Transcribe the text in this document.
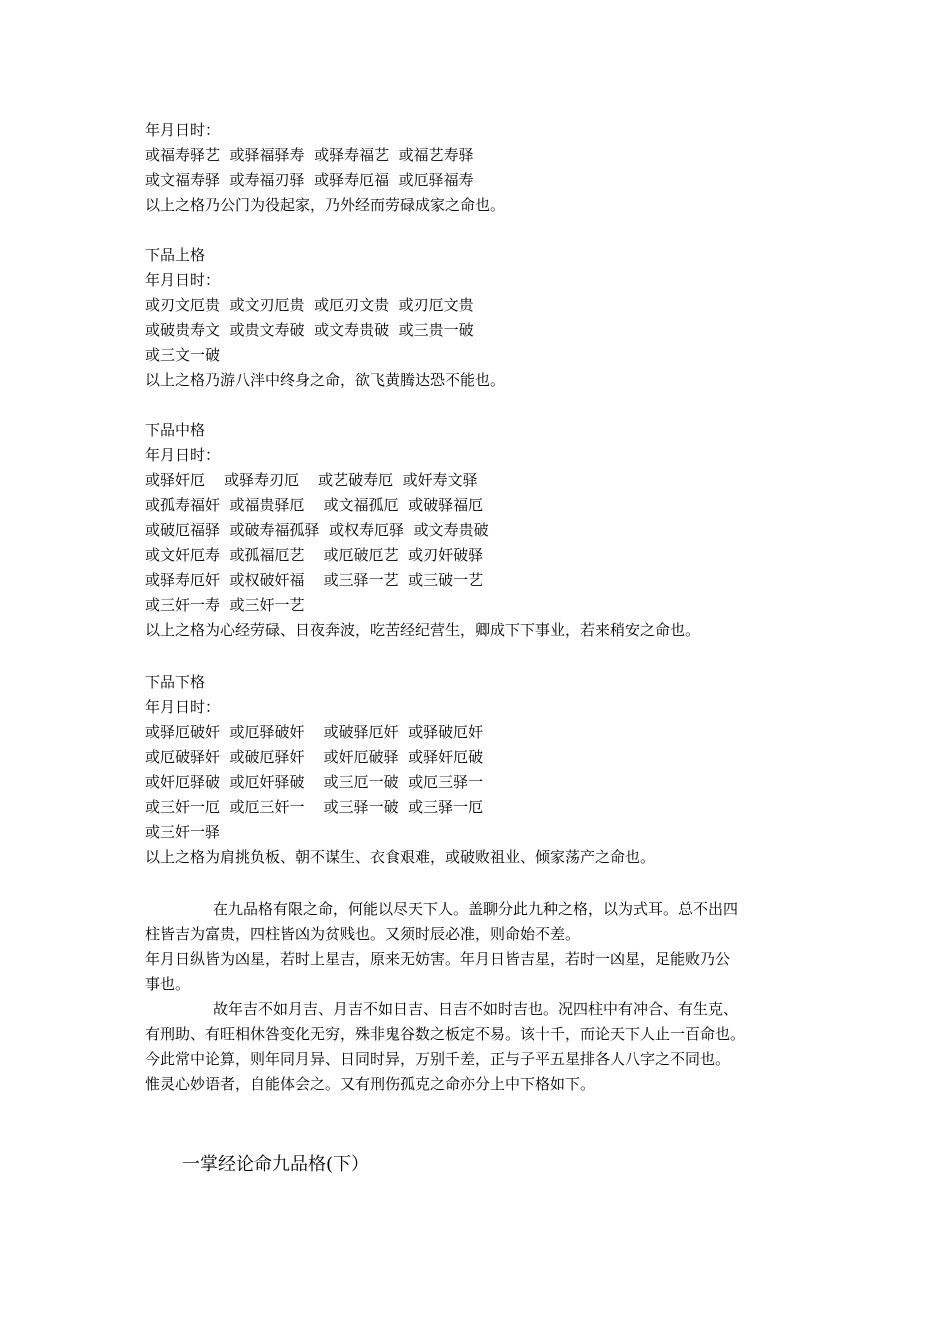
年月日时：
或福寿驿艺  或驿福驿寿  或驿寿福艺  或福艺寿驿
或文福寿驿  或寿福刃驿  或驿寿厄福  或厄驿福寿
以上之格乃公门为役起家，乃外经而劳碌成家之命也。
下品上格
年月日时：
或刃文厄贵  或文刃厄贵  或厄刃文贵  或刃厄文贵
或破贵寿文  或贵文寿破  或文寿贵破  或三贵一破
或三文一破
以上之格乃游八泮中终身之命，欲飞黄腾达恐不能也。
下品中格
年月日时：
或驿奸厄    或驿寿刃厄    或艺破寿厄  或奸寿文驿
或孤寿福奸  或福贵驿厄    或文福孤厄  或破驿福厄
或破厄福驿  或破寿福孤驿  或权寿厄驿  或文寿贵破
或文奸厄寿  或孤福厄艺    或厄破厄艺  或刃奸破驿
或驿寿厄奸  或权破奸福    或三驿一艺  或三破一艺
或三奸一寿  或三奸一艺
以上之格为心经劳碌、日夜奔波，吃苦经纪营生，卿成下下事业，若来稍安之命也。
下品下格
年月日时：
或驿厄破奸  或厄驿破奸    或破驿厄奸  或驿破厄奸
或厄破驿奸  或破厄驿奸    或奸厄破驿  或驿奸厄破
或奸厄驿破  或厄奸驿破    或三厄一破  或厄三驿一
或三奸一厄  或厄三奸一    或三驿一破  或三驿一厄
或三奸一驿
以上之格为肩挑负板、朝不谋生、衣食艰难，或破败祖业、倾家荡产之命也。
在九品格有限之命，何能以尽天下人。盖聊分此九种之格，以为式耳。总不出四
柱皆吉为富贵，四柱皆凶为贫贱也。又须时辰必准，则命始不差。
年月日纵皆为凶星，若时上星吉，原来无妨害。年月日皆吉星，若时一凶星，足能败乃公
事也。
故年吉不如月吉、月吉不如日吉、日吉不如时吉也。况四柱中有冲合、有生克、
有刑助、有旺相休咎变化无穷，殊非鬼谷数之板定不易。该十千，而论天下人止一百命也。
今此常中论算，则年同月异、日同时异，万别千差，正与子平五星排各人八字之不同也。
惟灵心妙语者，自能体会之。又有刑伤孤克之命亦分上中下格如下。
一掌经论命九品格(下）
